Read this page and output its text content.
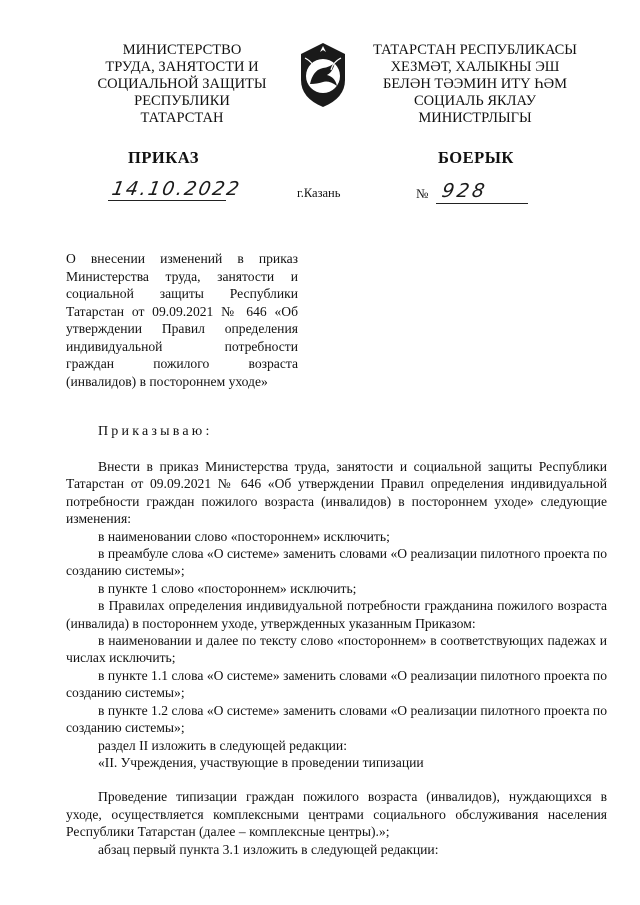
МИНИСТЕРСТВО
ТРУДА, ЗАНЯТОСТИ И
СОЦИАЛЬНОЙ ЗАЩИТЫ
РЕСПУБЛИКИ
ТАТАРСТАН
ТАТАРСТАН РЕСПУБЛИКАСЫ
ХЕЗМӘТ, ХАЛЫКНЫ ЭШ
БЕЛӘН ТӘЭМИН ИТҮ ҺӘМ
СОЦИАЛЬ ЯКЛАУ
МИНИСТРЛЫГЫ
ПРИКАЗ	БОЕРЫК
14.10.2022	г.Казань	№ 928
О внесении изменений в приказ
Министерства труда, занятости и
социальной защиты Республики
Татарстан от 09.09.2021 № 646 «Об
утверждении Правил определения
индивидуальной потребности
граждан пожилого возраста
(инвалидов) в постороннем уходе»
Приказываю:

Внести в приказ Министерства труда, занятости и социальной защиты Республики Татарстан от 09.09.2021 № 646 «Об утверждении Правил определения индивидуальной потребности граждан пожилого возраста (инвалидов) в постороннем уходе» следующие изменения:

в наименовании слово «постороннем» исключить;

в преамбуле слова «О системе» заменить словами «О реализации пилотного проекта по созданию системы»;

в пункте 1 слово «постороннем» исключить;

в Правилах определения индивидуальной потребности гражданина пожилого возраста (инвалида) в постороннем уходе, утвержденных указанным Приказом:

в наименовании и далее по тексту слово «постороннем» в соответствующих падежах и числах исключить;

в пункте 1.1 слова «О системе» заменить словами «О реализации пилотного проекта по созданию системы»;

в пункте 1.2 слова «О системе» заменить словами «О реализации пилотного проекта по созданию системы»;

раздел II изложить в следующей редакции:

«II. Учреждения, участвующие в проведении типизации

Проведение типизации граждан пожилого возраста (инвалидов), нуждающихся в уходе, осуществляется комплексными центрами социального обслуживания населения Республики Татарстан (далее – комплексные центры).»;

абзац первый пункта 3.1 изложить в следующей редакции:
